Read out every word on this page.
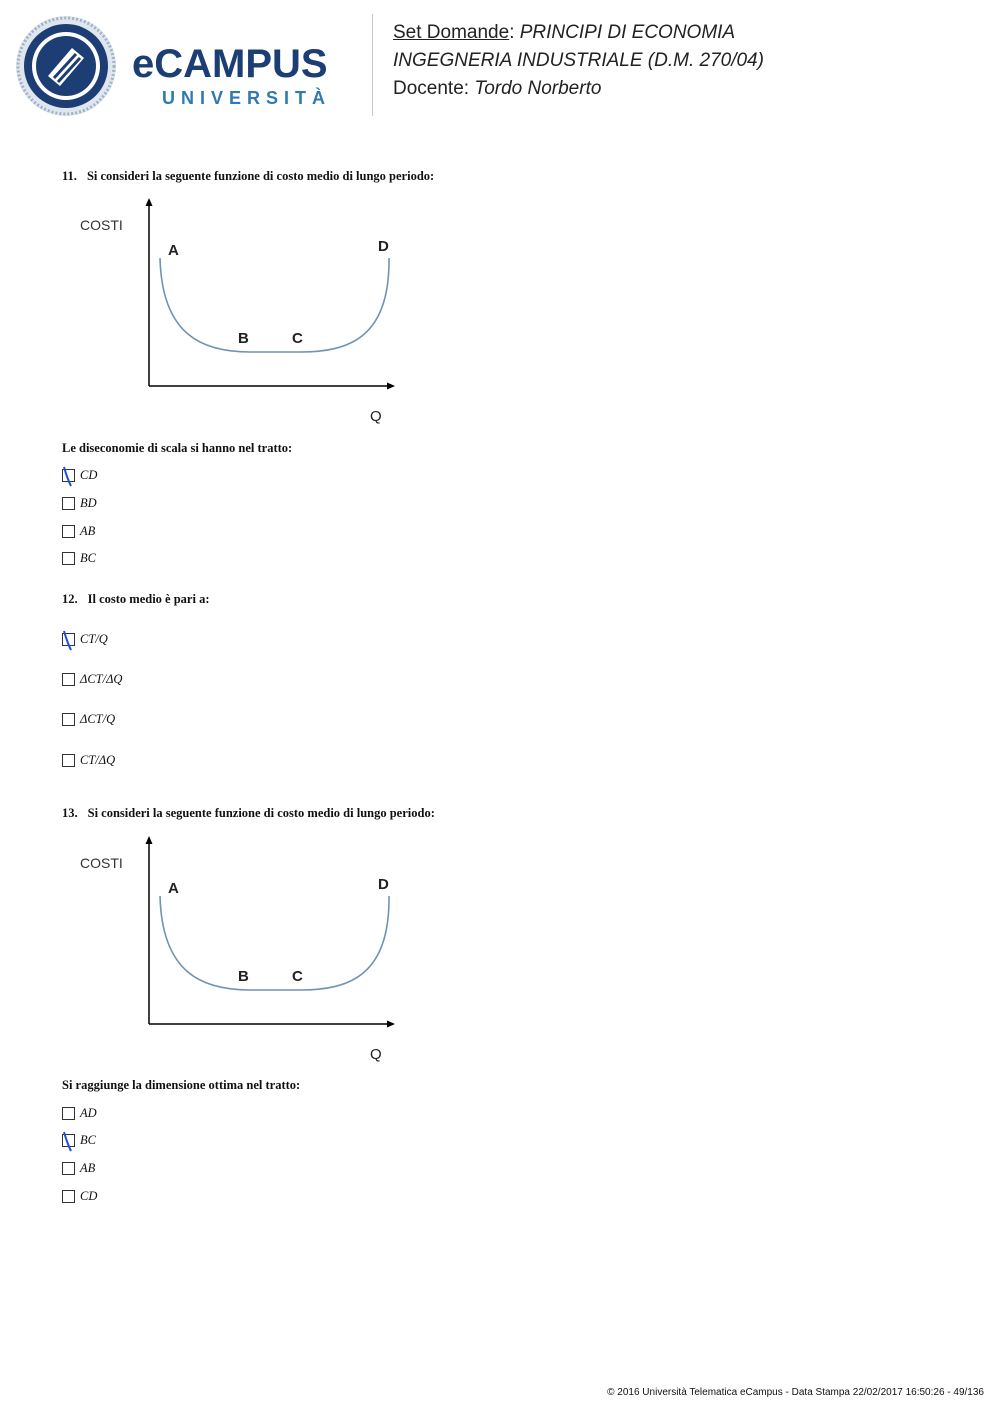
eCAMPUS
UNIVERSITÀ
Set Domande: PRINCIPI DI ECONOMIA
INGEGNERIA INDUSTRIALE (D.M. 270/04)
Docente: Tordo Norberto
11. Si consideri la seguente funzione di costo medio di lungo periodo:
COSTI
Q
A
B	C
D
Le diseconomie di scala si hanno nel tratto:
CD
BD
AB
BC
12. Il costo medio è pari a:
CT/Q
ΔCT/ΔQ
ΔCT/Q
CT/ΔQ
13. Si consideri la seguente funzione di costo medio di lungo periodo:
COSTI
Q
A
B	C
D
Si raggiunge la dimensione ottima nel tratto:
AD
BC
AB
CD
© 2016 Università Telematica eCampus - Data Stampa 22/02/2017 16:50:26 - 49/136
